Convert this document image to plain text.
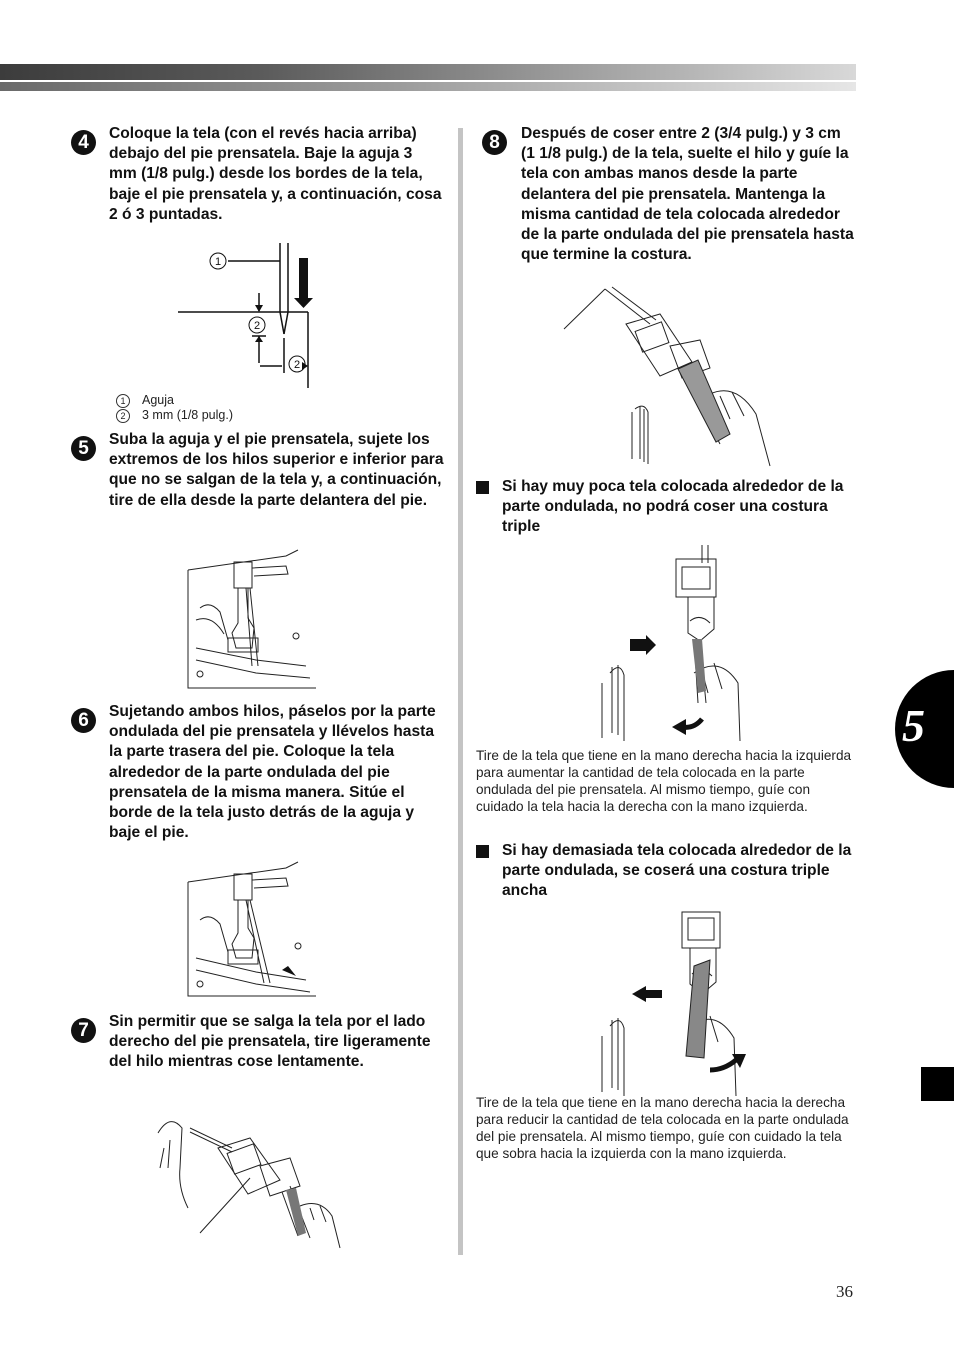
4	Coloque la tela (con el revés hacia arriba) debajo del pie prensatela. Baje la aguja 3 mm (1/8 pulg.) desde los bordes de la tela, baje el pie prensatela y, a continuación, cosa 2 ó 3 puntadas.

1
2
2
1 Aguja
2 3 mm (1/8 pulg.)
5	Suba la aguja y el pie prensatela, sujete los extremos de los hilos superior e inferior para que no se salgan de la tela y, a continuación, tire de ella desde la parte delantera del pie.

6	Sujetando ambos hilos, páselos por la parte ondulada del pie prensatela y llévelos hasta la parte trasera del pie. Coloque la tela alrededor de la parte ondulada del pie prensatela de la misma manera. Sitúe el borde de la tela justo detrás de la aguja y baje el pie.

7	Sin permitir que se salga la tela por el lado derecho del pie prensatela, tire ligeramente del hilo mientras cose lentamente.

8	Después de coser entre 2 (3/4 pulg.) y 3 cm (1 1/8 pulg.) de la tela, suelte el hilo y guíe la tela con ambas manos desde la parte delantera del pie prensatela. Mantenga la misma cantidad de tela colocada alrededor de la parte ondulada del pie prensatela hasta que termine la costura.

Si hay muy poca tela colocada alrededor de la parte ondulada, no podrá coser una costura triple

Tire de la tela que tiene en la mano derecha hacia la izquierda para aumentar la cantidad de tela colocada en la parte ondulada del pie prensatela. Al mismo tiempo, guíe con cuidado la tela hacia la derecha con la mano izquierda.

Si hay demasiada tela colocada alrededor de la parte ondulada, se coserá una costura triple ancha

Tire de la tela que tiene en la mano derecha hacia la derecha para reducir la cantidad de tela colocada en la parte ondulada del pie prensatela. Al mismo tiempo, guíe con cuidado la tela que sobra hacia la izquierda con la mano izquierda.

5
36
